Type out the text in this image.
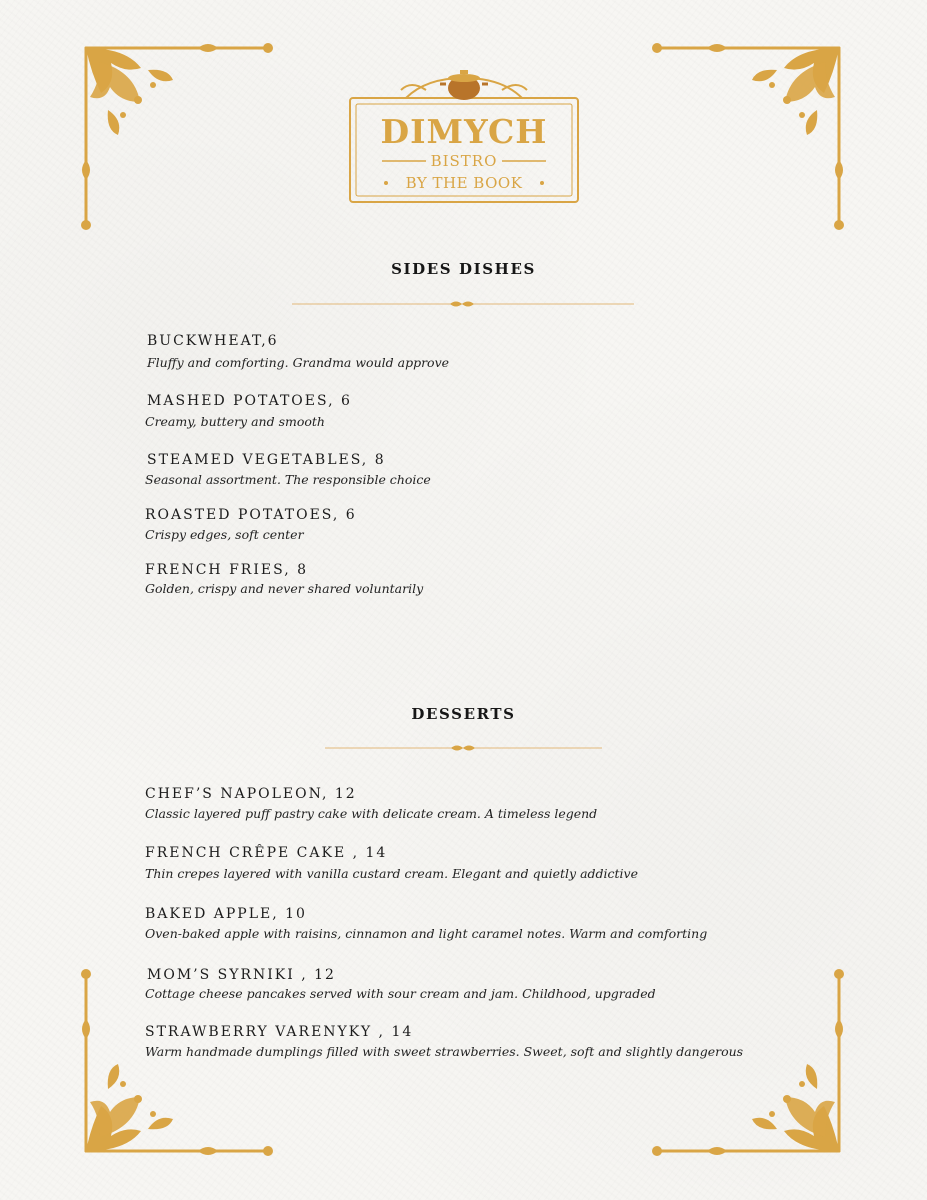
DIMYCH
BISTRO
BY THE BOOK
SIDES DISHES
BUCKWHEAT,6
Fluffy and comforting. Grandma would approve
MASHED POTATOES, 6
Creamy, buttery and smooth
STEAMED VEGETABLES, 8
Seasonal assortment. The responsible choice
ROASTED POTATOES, 6
Crispy edges, soft center
FRENCH FRIES, 8
Golden, crispy and never shared voluntarily
DESSERTS
CHEF’S NAPOLEON, 12
Classic layered puff pastry cake with delicate cream. A timeless legend
FRENCH CRÊPE CAKE , 14
Thin crepes layered with vanilla custard cream. Elegant and quietly addictive
BAKED APPLE, 10
Oven-baked apple with raisins, cinnamon and light caramel notes. Warm and comforting
MOM’S SYRNIKI , 12
Cottage cheese pancakes served with sour cream and jam. Childhood, upgraded
STRAWBERRY VARENYKY , 14
Warm handmade dumplings filled with sweet strawberries. Sweet, soft and slightly dangerous
